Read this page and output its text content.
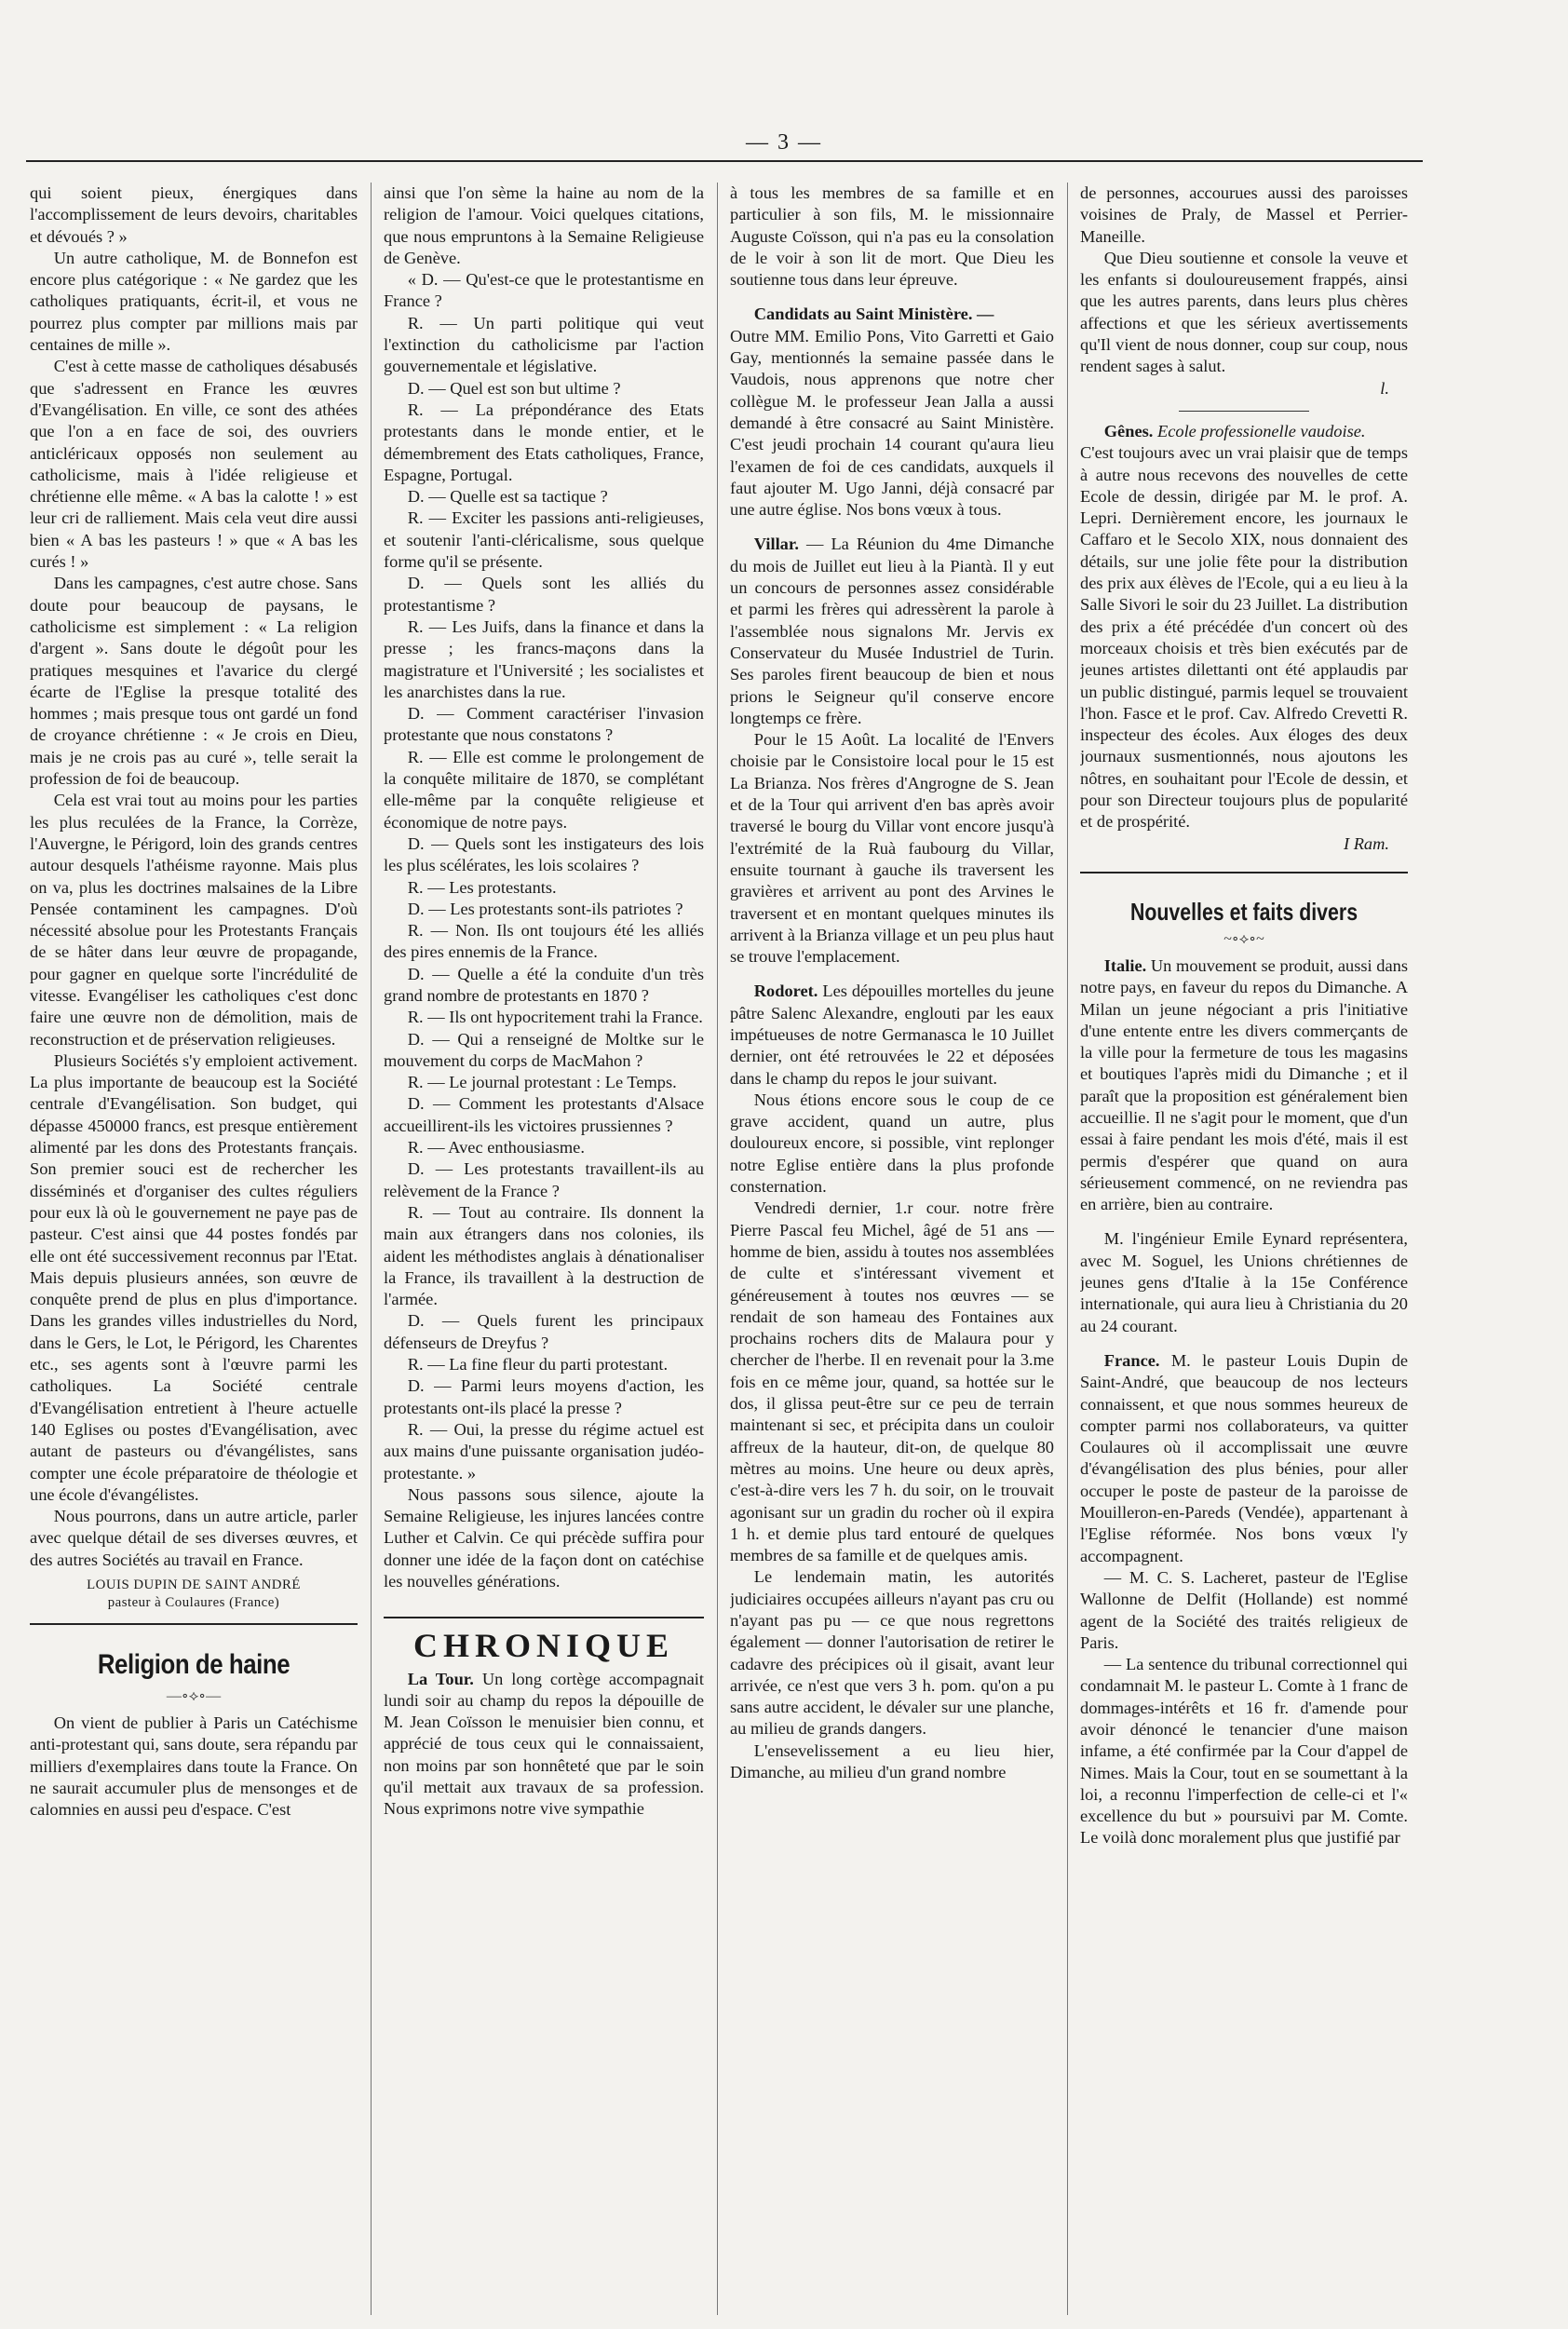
— 3 —

qui soient pieux, énergiques dans l'accomplissement de leurs devoirs, charitables et dévoués ? »

Un autre catholique, M. de Bonnefon est encore plus catégorique : « Ne gardez que les catholiques pratiquants, écrit-il, et vous ne pourrez plus compter par millions mais par centaines de mille ».

C'est à cette masse de catholiques désabusés que s'adressent en France les œuvres d'Evangélisation. En ville, ce sont des athées que l'on a en face de soi, des ouvriers anticléricaux opposés non seulement au catholicisme, mais à l'idée religieuse et chrétienne elle même. « A bas la calotte ! » est leur cri de ralliement. Mais cela veut dire aussi bien « A bas les pasteurs ! » que « A bas les curés ! »

Dans les campagnes, c'est autre chose. Sans doute pour beaucoup de paysans, le catholicisme est simplement : « La religion d'argent ». Sans doute le dégoût pour les pratiques mesquines et l'avarice du clergé écarte de l'Eglise la presque totalité des hommes ; mais presque tous ont gardé un fond de croyance chrétienne : « Je crois en Dieu, mais je ne crois pas au curé », telle serait la profession de foi de beaucoup.

Cela est vrai tout au moins pour les parties les plus reculées de la France, la Corrèze, l'Auvergne, le Périgord, loin des grands centres autour desquels l'athéisme rayonne. Mais plus on va, plus les doctrines malsaines de la Libre Pensée contaminent les campagnes. D'où nécessité absolue pour les Protestants Français de se hâter dans leur œuvre de propagande, pour gagner en quelque sorte l'incrédulité de vitesse. Evangéliser les catholiques c'est donc faire une œuvre non de démolition, mais de reconstruction et de préservation religieuses.

Plusieurs Sociétés s'y emploient activement. La plus importante de beaucoup est la Société centrale d'Evangélisation. Son budget, qui dépasse 450000 francs, est presque entièrement alimenté par les dons des Protestants français. Son premier souci est de rechercher les disséminés et d'organiser des cultes réguliers pour eux là où le gouvernement ne paye pas de pasteur. C'est ainsi que 44 postes fondés par elle ont été successivement reconnus par l'Etat. Mais depuis plusieurs années, son œuvre de conquête prend de plus en plus d'importance. Dans les grandes villes industrielles du Nord, dans le Gers, le Lot, le Périgord, les Charentes etc., ses agents sont à l'œuvre parmi les catholiques. La Société centrale d'Evangélisation entretient à l'heure actuelle 140 Eglises ou postes d'Evangélisation, avec autant de pasteurs ou d'évangélistes, sans compter une école préparatoire de théologie et une école d'évangélistes.

Nous pourrons, dans un autre article, parler avec quelque détail de ses diverses œuvres, et des autres Sociétés au travail en France.

LOUIS DUPIN DE SAINT ANDRÉ
pasteur à Coulaures (France)
Religion de haine
—∘⟡∘—

On vient de publier à Paris un Catéchisme anti-protestant qui, sans doute, sera répandu par milliers d'exemplaires dans toute la France. On ne saurait accumuler plus de mensonges et de calomnies en aussi peu d'espace. C'est

ainsi que l'on sème la haine au nom de la religion de l'amour. Voici quelques citations, que nous empruntons à la Semaine Religieuse de Genève.

« D. — Qu'est-ce que le protestantisme en France ?

R. — Un parti politique qui veut l'extinction du catholicisme par l'action gouvernementale et législative.

D. — Quel est son but ultime ?

R. — La prépondérance des Etats protestants dans le monde entier, et le démembrement des Etats catholiques, France, Espagne, Portugal.

D. — Quelle est sa tactique ?

R. — Exciter les passions anti-religieuses, et soutenir l'anti-cléricalisme, sous quelque forme qu'il se présente.

D. — Quels sont les alliés du protestantisme ?

R. — Les Juifs, dans la finance et dans la presse ; les francs-maçons dans la magistrature et l'Université ; les socialistes et les anarchistes dans la rue.

D. — Comment caractériser l'invasion protestante que nous constatons ?

R. — Elle est comme le prolongement de la conquête militaire de 1870, se complétant elle-même par la conquête religieuse et économique de notre pays.

D. — Quels sont les instigateurs des lois les plus scélérates, les lois scolaires ?

R. — Les protestants.

D. — Les protestants sont-ils patriotes ?

R. — Non. Ils ont toujours été les alliés des pires ennemis de la France.

D. — Quelle a été la conduite d'un très grand nombre de protestants en 1870 ?

R. — Ils ont hypocritement trahi la France.

D. — Qui a renseigné de Moltke sur le mouvement du corps de MacMahon ?

R. — Le journal protestant : Le Temps.

D. — Comment les protestants d'Alsace accueillirent-ils les victoires prussiennes ?

R. — Avec enthousiasme.

D. — Les protestants travaillent-ils au relèvement de la France ?

R. — Tout au contraire. Ils donnent la main aux étrangers dans nos colonies, ils aident les méthodistes anglais à dénationaliser la France, ils travaillent à la destruction de l'armée.

D. — Quels furent les principaux défenseurs de Dreyfus ?

R. — La fine fleur du parti protestant.

D. — Parmi leurs moyens d'action, les protestants ont-ils placé la presse ?

R. — Oui, la presse du régime actuel est aux mains d'une puissante organisation judéo-protestante. »

Nous passons sous silence, ajoute la Semaine Religieuse, les injures lancées contre Luther et Calvin. Ce qui précède suffira pour donner une idée de la façon dont on catéchise les nouvelles générations.

CHRONIQUE

La Tour. Un long cortège accompagnait lundi soir au champ du repos la dépouille de M. Jean Coïsson le menuisier bien connu, et apprécié de tous ceux qui le connaissaient, non moins par son honnêteté que par le soin qu'il mettait aux travaux de sa profession. Nous exprimons notre vive sympathie

à tous les membres de sa famille et en particulier à son fils, M. le missionnaire Auguste Coïsson, qui n'a pas eu la consolation de le voir à son lit de mort. Que Dieu les soutienne tous dans leur épreuve.

Candidats au Saint Ministère. —

Outre MM. Emilio Pons, Vito Garretti et Gaio Gay, mentionnés la semaine passée dans le Vaudois, nous apprenons que notre cher collègue M. le professeur Jean Jalla a aussi demandé à être consacré au Saint Ministère. C'est jeudi prochain 14 courant qu'aura lieu l'examen de foi de ces candidats, auxquels il faut ajouter M. Ugo Janni, déjà consacré par une autre église. Nos bons vœux à tous.

Villar. — La Réunion du 4me Dimanche du mois de Juillet eut lieu à la Piantà. Il y eut un concours de personnes assez considérable et parmi les frères qui adressèrent la parole à l'assemblée nous signalons Mr. Jervis ex Conservateur du Musée Industriel de Turin. Ses paroles firent beaucoup de bien et nous prions le Seigneur qu'il conserve encore longtemps ce frère.

Pour le 15 Août. La localité de l'Envers choisie par le Consistoire local pour le 15 est La Brianza. Nos frères d'Angrogne de S. Jean et de la Tour qui arrivent d'en bas après avoir traversé le bourg du Villar vont encore jusqu'à l'extrémité de la Ruà faubourg du Villar, ensuite tournant à gauche ils traversent les gravières et arrivent au pont des Arvines le traversent et en montant quelques minutes ils arrivent à la Brianza village et un peu plus haut se trouve l'emplacement.

Rodoret. Les dépouilles mortelles du jeune pâtre Salenc Alexandre, englouti par les eaux impétueuses de notre Germanasca le 10 Juillet dernier, ont été retrouvées le 22 et déposées dans le champ du repos le jour suivant.

Nous étions encore sous le coup de ce grave accident, quand un autre, plus douloureux encore, si possible, vint replonger notre Eglise entière dans la plus profonde consternation.

Vendredi dernier, 1.r cour. notre frère Pierre Pascal feu Michel, âgé de 51 ans — homme de bien, assidu à toutes nos assemblées de culte et s'intéressant vivement et généreusement à toutes nos œuvres — se rendait de son hameau des Fontaines aux prochains rochers dits de Malaura pour y chercher de l'herbe. Il en revenait pour la 3.me fois en ce même jour, quand, sa hottée sur le dos, il glissa peut-être sur ce peu de terrain maintenant si sec, et précipita dans un couloir affreux de la hauteur, dit-on, de quelque 80 mètres au moins. Une heure ou deux après, c'est-à-dire vers les 7 h. du soir, on le trouvait agonisant sur un gradin du rocher où il expira 1 h. et demie plus tard entouré de quelques membres de sa famille et de quelques amis.

Le lendemain matin, les autorités judiciaires occupées ailleurs n'ayant pas cru ou n'ayant pas pu — ce que nous regrettons également — donner l'autorisation de retirer le cadavre des précipices où il gisait, avant leur arrivée, ce n'est que vers 3 h. pom. qu'on a pu sans autre accident, le dévaler sur une planche, au milieu de grands dangers.

L'ensevelissement a eu lieu hier, Dimanche, au milieu d'un grand nombre

de personnes, accourues aussi des paroisses voisines de Praly, de Massel et Perrier-Maneille.

Que Dieu soutienne et console la veuve et les enfants si douloureusement frappés, ainsi que les autres parents, dans leurs plus chères affections et que les sérieux avertissements qu'Il vient de nous donner, coup sur coup, nous rendent sages à salut.

l.

Gênes. Ecole professionelle vaudoise.

C'est toujours avec un vrai plaisir que de temps à autre nous recevons des nouvelles de cette Ecole de dessin, dirigée par M. le prof. A. Lepri. Dernièrement encore, les journaux le Caffaro et le Secolo XIX, nous donnaient des détails, sur une jolie fête pour la distribution des prix aux élèves de l'Ecole, qui a eu lieu à la Salle Sivori le soir du 23 Juillet. La distribution des prix a été précédée d'un concert où des morceaux choisis et très bien exécutés par de jeunes artistes dilettanti ont été applaudis par un public distingué, parmis lequel se trouvaient l'hon. Fasce et le prof. Cav. Alfredo Crevetti R. inspecteur des écoles. Aux éloges des deux journaux susmentionnés, nous ajoutons les nôtres, en souhaitant pour l'Ecole de dessin, et pour son Directeur toujours plus de popularité et de prospérité.

I Ram.
Nouvelles et faits divers
~∘⟡∘~

Italie. Un mouvement se produit, aussi dans notre pays, en faveur du repos du Dimanche. A Milan un jeune négociant a pris l'initiative d'une entente entre les divers commerçants de la ville pour la fermeture de tous les magasins et boutiques l'après midi du Dimanche ; et il paraît que la proposition est généralement bien accueillie. Il ne s'agit pour le moment, que d'un essai à faire pendant les mois d'été, mais il est permis d'espérer que quand on aura sérieusement commencé, on ne reviendra pas en arrière, bien au contraire.

M. l'ingénieur Emile Eynard représentera, avec M. Soguel, les Unions chrétiennes de jeunes gens d'Italie à la 15e Conférence internationale, qui aura lieu à Christiania du 20 au 24 courant.

France. M. le pasteur Louis Dupin de Saint-André, que beaucoup de nos lecteurs connaissent, et que nous sommes heureux de compter parmi nos collaborateurs, va quitter Coulaures où il accomplissait une œuvre d'évangélisation des plus bénies, pour aller occuper le poste de pasteur de la paroisse de Mouilleron-en-Pareds (Vendée), appartenant à l'Eglise réformée. Nos bons vœux l'y accompagnent.

— M. C. S. Lacheret, pasteur de l'Eglise Wallonne de Delfit (Hollande) est nommé agent de la Société des traités religieux de Paris.

— La sentence du tribunal correctionnel qui condamnait M. le pasteur L. Comte à 1 franc de dommages-intérêts et 16 fr. d'amende pour avoir dénoncé le tenancier d'une maison infame, a été confirmée par la Cour d'appel de Nimes. Mais la Cour, tout en se soumettant à la loi, a reconnu l'imperfection de celle-ci et l'« excellence du but » poursuivi par M. Comte. Le voilà donc moralement plus que justifié par
